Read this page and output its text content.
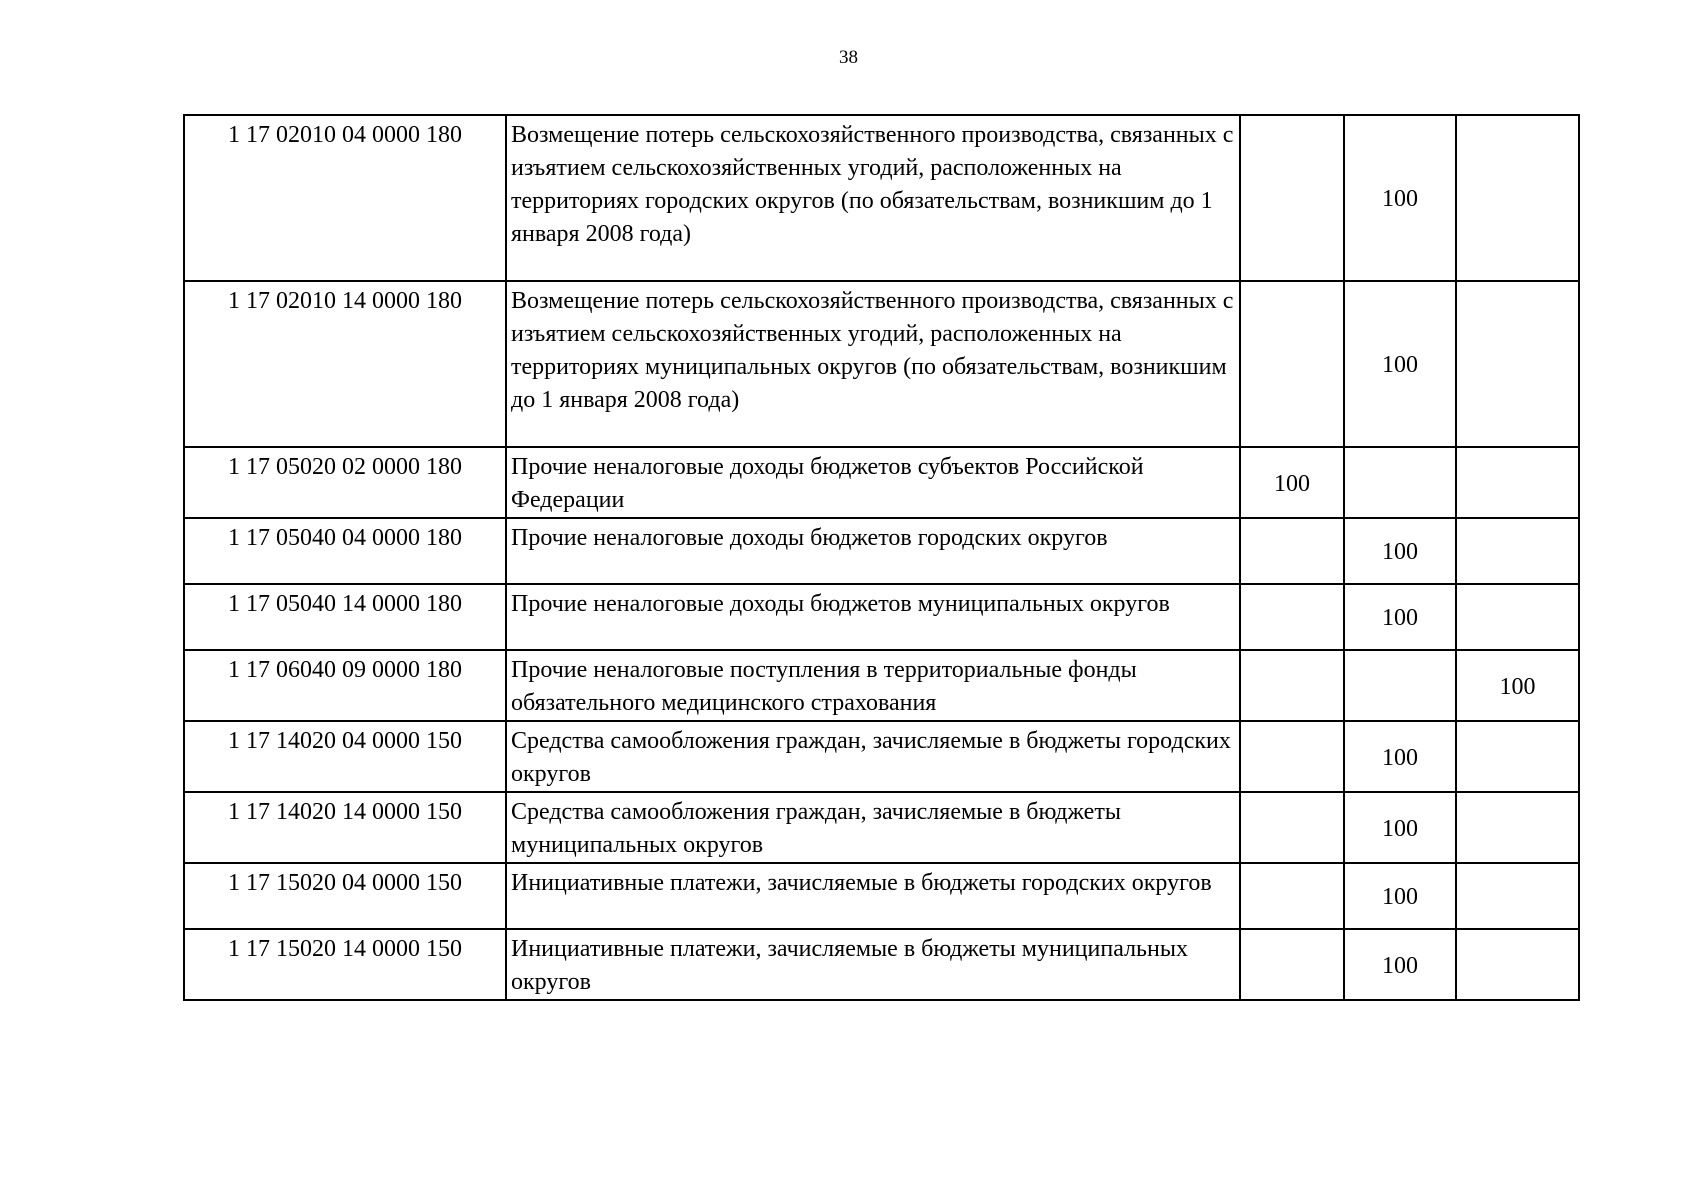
38
1 17 02010 04 0000 180	Возмещение потерь сельскохозяйственного производства, связанных с изъятием сельскохозяйственных угодий, расположенных на территориях городских округов (по обязательствам, возникшим до 1 января 2008 года)		100	
1 17 02010 14 0000 180	Возмещение потерь сельскохозяйственного производства, связанных с изъятием сельскохозяйственных угодий, расположенных на территориях муниципальных округов (по обязательствам, возникшим до 1 января 2008 года)		100	
1 17 05020 02 0000 180	Прочие неналоговые доходы бюджетов субъектов Российской Федерации	100		
1 17 05040 04 0000 180	Прочие неналоговые доходы бюджетов городских округов		100	
1 17 05040 14 0000 180	Прочие неналоговые доходы бюджетов муниципальных округов		100	
1 17 06040 09 0000 180	Прочие неналоговые поступления в территориальные фонды обязательного медицинского страхования			100
1 17 14020 04 0000 150	Средства самообложения граждан, зачисляемые в бюджеты городских округов		100	
1 17 14020 14 0000 150	Средства самообложения граждан, зачисляемые в бюджеты муниципальных округов		100	
1 17 15020 04 0000 150	Инициативные платежи, зачисляемые в бюджеты городских округов		100	
1 17 15020 14 0000 150	Инициативные платежи, зачисляемые в бюджеты муниципальных округов		100	
